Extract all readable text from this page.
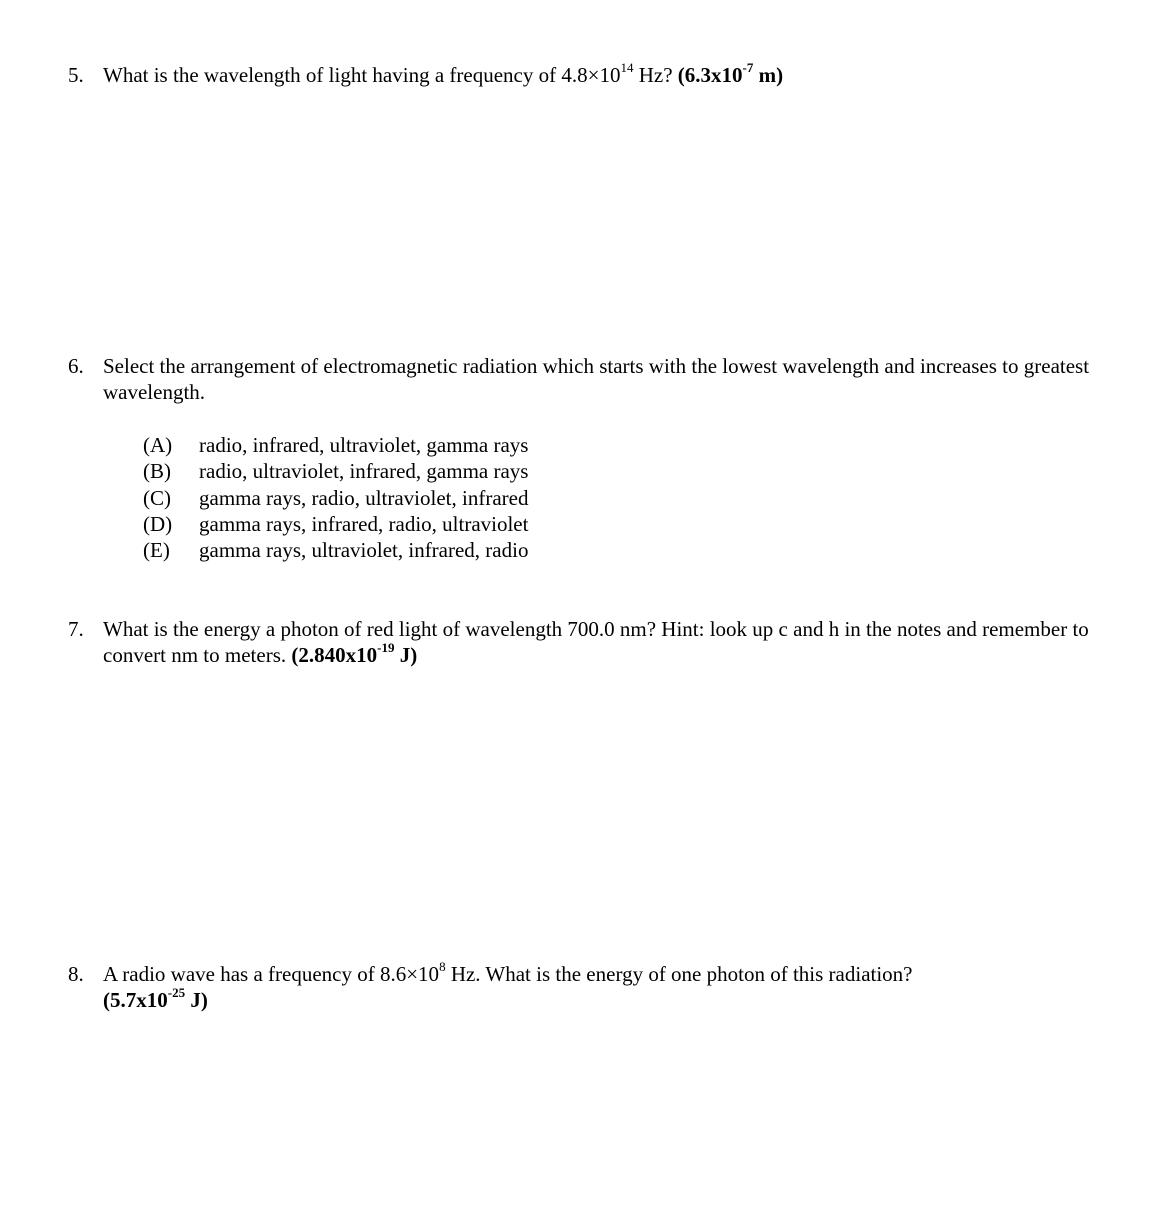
5. What is the wavelength of light having a frequency of $4.8\times 10^{14}$ Hz? ($6.3x10^{-7}$ m)
6. Select the arrangement of electromagnetic radiation which starts with the lowest wavelength and increases to greatest wavelength.
(A)	radio, infrared, ultraviolet, gamma rays
(B)	radio, ultraviolet, infrared, gamma rays
(C)	gamma rays, radio, ultraviolet, infrared
(D)	gamma rays, infrared, radio, ultraviolet
(E)	gamma rays, ultraviolet, infrared, radio
7. What is the energy a photon of red light of wavelength 700.0 nm? Hint: look up c and h in the notes and remember to convert nm to meters. ($2.840x10^{-19}$ J)
8. A radio wave has a frequency of $8.6\times 10^8$ Hz. What is the energy of one photon of this radiation?
($5.7x10^{-25}$ J)
